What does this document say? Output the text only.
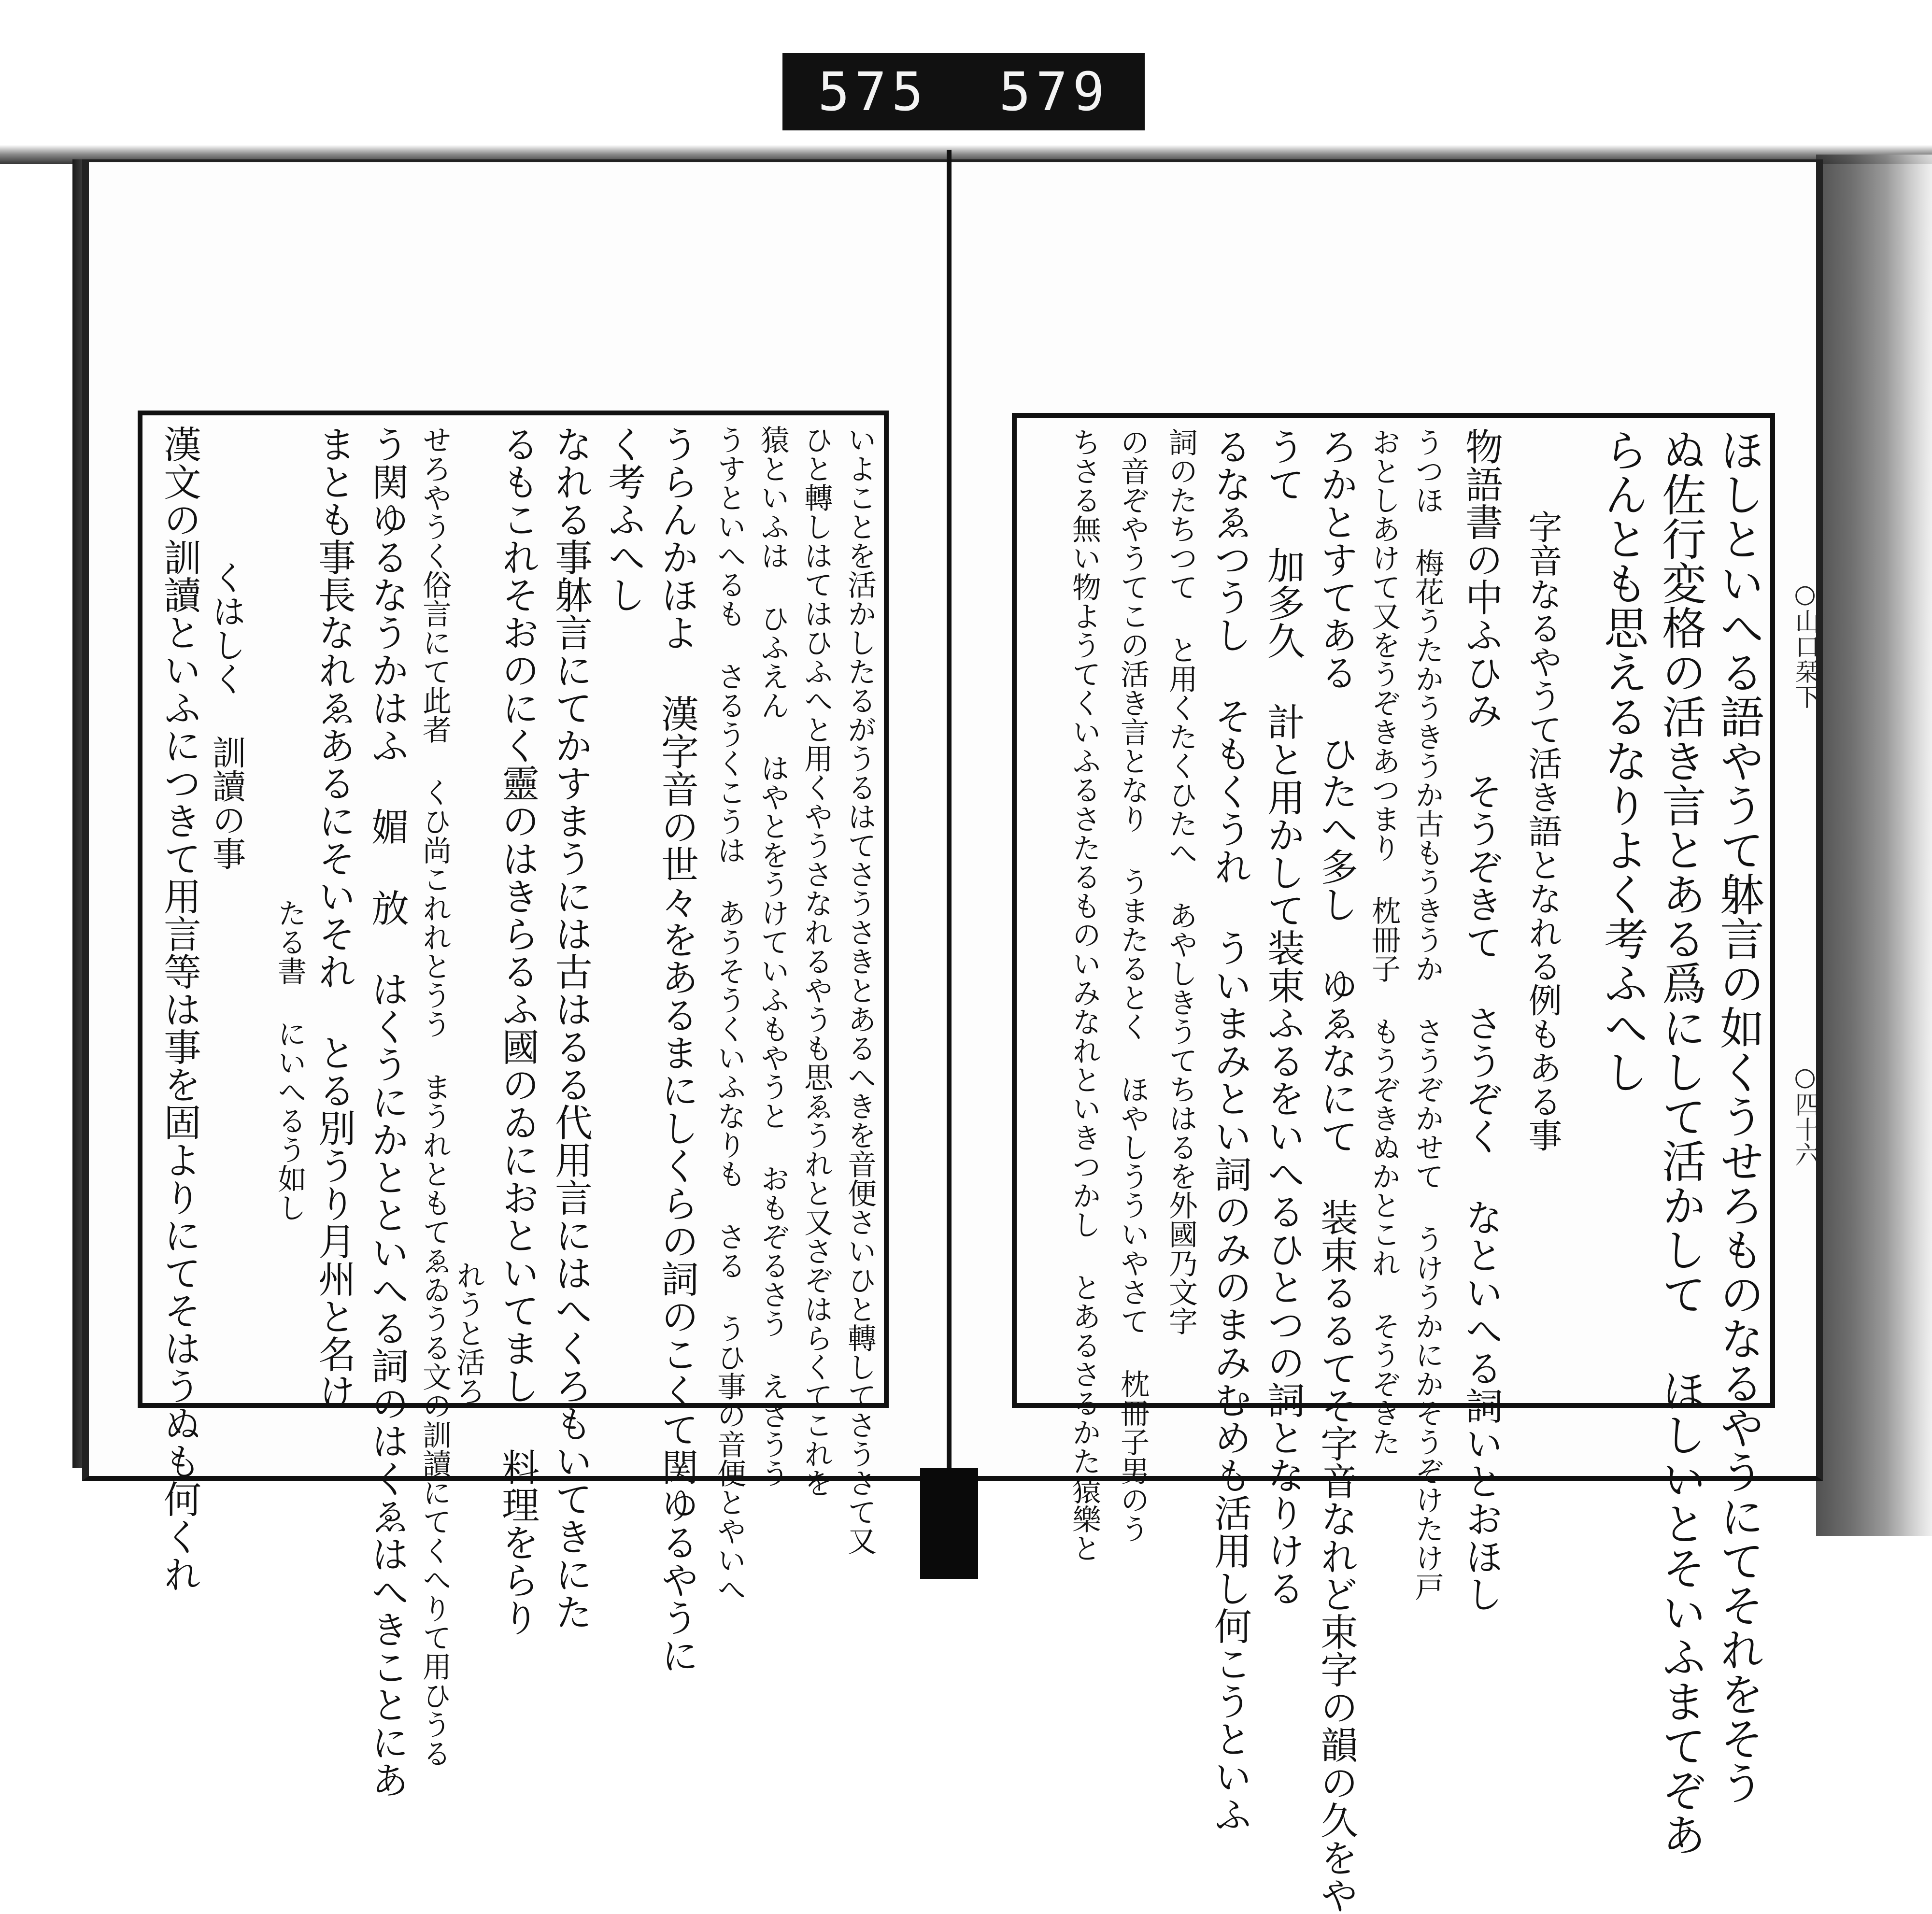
575 579
○山口栞下
○四十六
ほしといへる語やうて躰言の如くうせろものなるやうにてそれをそう
ぬ佐行変格の活き言とある爲にして活かして ほしいとそいふまてぞあ
らんとも思えるなりよく考ふへし
字音なるやうて活き語となれる例もある事
物語書の中ふひみ そうぞきて さうぞく なといへる詞いとおほし
うつほ 梅花うたかうきうか古もうきうか さうぞかせて うけうかにかそうぞけたけ戸
おとしあけて又をうぞきあつまり 枕冊子 もうぞきぬかとこれ そうぞきた
ろかとすてある ひたへ多し ゆゑなにて 装束るるてそ字音なれど束字の韻の久をや
うて 加多久 計と用かして装束ふるをいへるひとつの詞となりける
るなゑつうし そもくうれ ういまみとい詞のみのまみむめも活用し何こうといふ
詞のたちつて と用くたくひたへ あやしきうてちはるを外國乃文字
の音ぞやうてこの活き言となり うまたるとく ほやしうういやさて 枕冊子男のう
ちさる無い物ようてくいふるさたるものいみなれといきつかし とあるさるかた猿樂と
いよことを活かしたるがうるはてさうさきとあるへきを音便さいひと轉してさうさて又
ひと轉しはてはひふへと用くやうさなれるやうも思ゑうれと又さぞはらくてこれを
猿といふは ひふえん はやとをうけていふもやうと おもぞるさう えさうう
うすといへるも さるうくこうは あうそうくいふなりも さる うひ事の音便とやいへ
うらんかほよ 漢字音の世々をあるまにしくらの詞のこくて関ゆるやうに
く考ふへし
なれる事躰言にてかすまうには古はるる代用言にはへくろもいてきにた
るもこれそおのにく靈のはきらるふ國のゐにおといてまし 料理をらり
れうと活ろ
せろやうく俗言にて此者 くひ尚これれとうう まうれともてゑゐうる文の訓讀にてくへりて用ひうる
う関ゆるなうかはふ 媚 放 はくうにかとといへる詞のはくゑはへきことにあ
まとも事長なれゑあるにそいそれ とる別うり月州と名け
たる書 にいへるう如し
くはしく 訓讀の事
漢文の訓讀といふにつきて用言等は事を固よりにてそはうぬも何くれ
